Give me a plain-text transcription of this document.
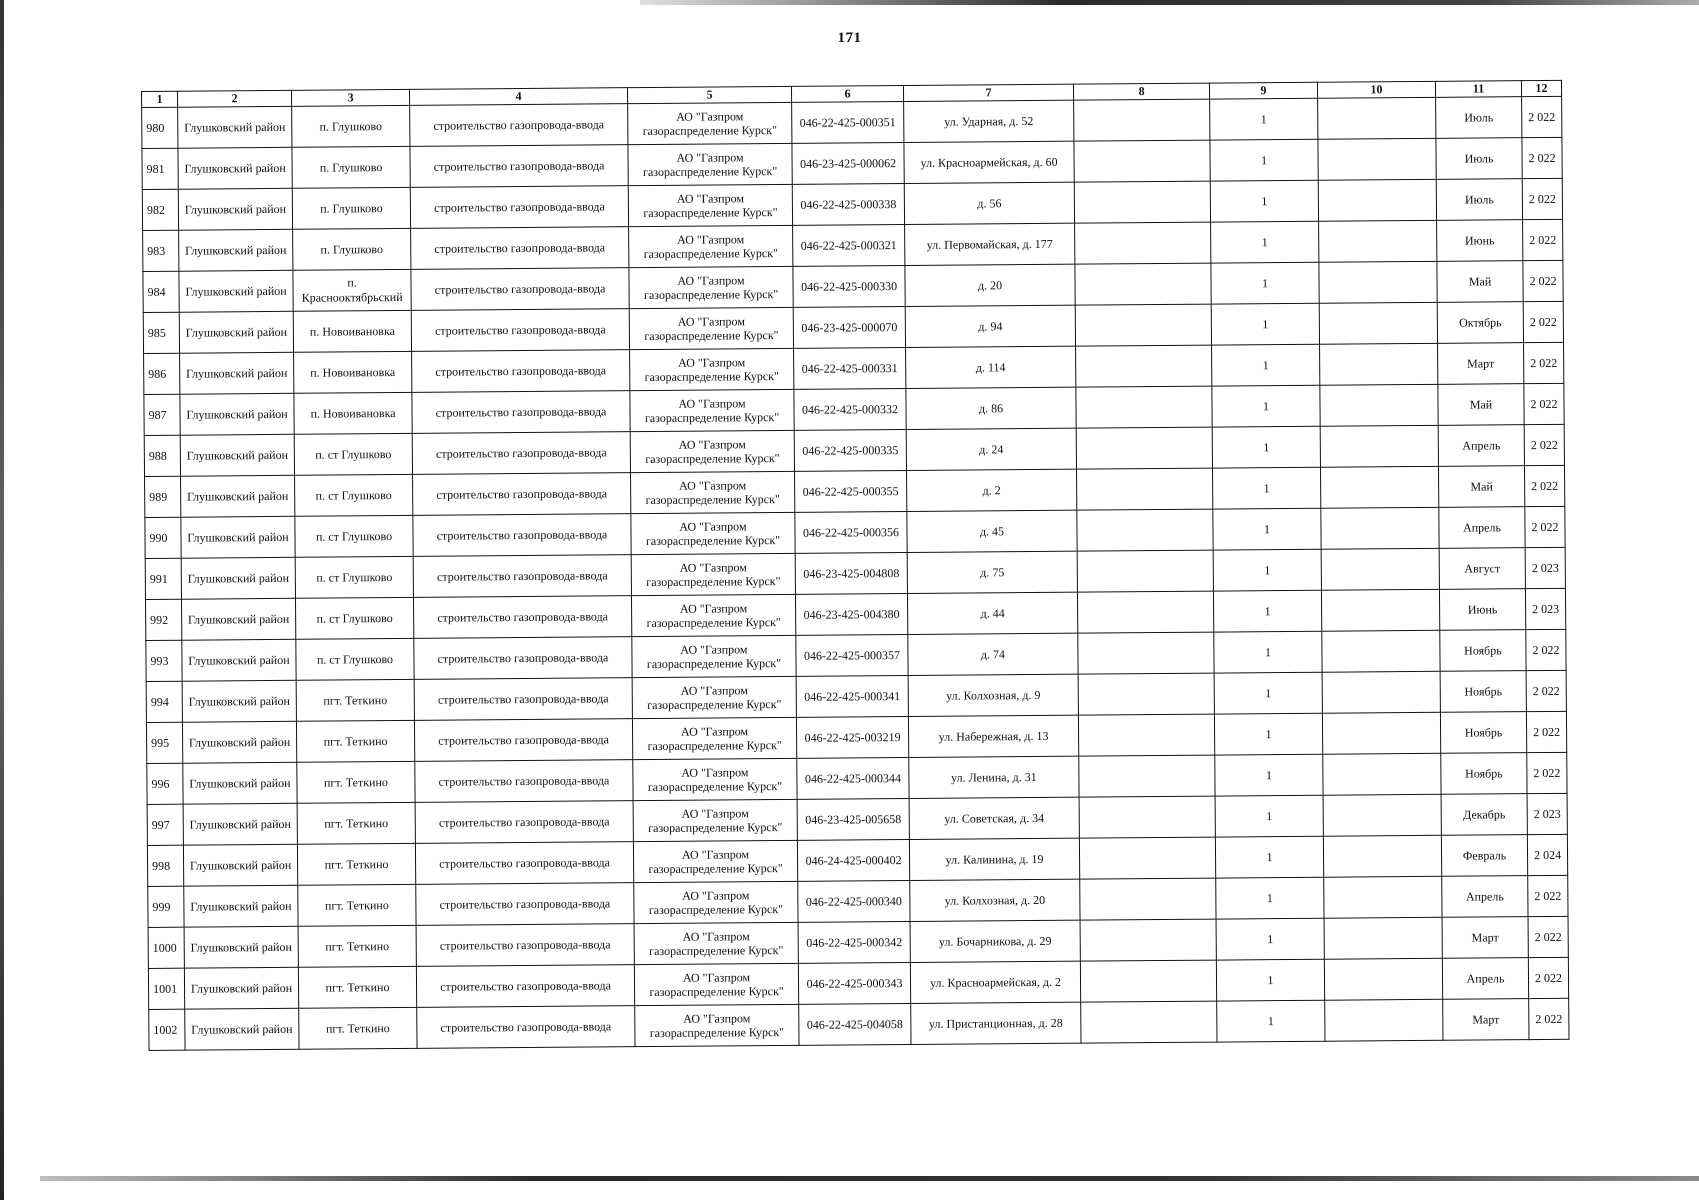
171
1	2	3	4	5	6	7	8	9	10	11	12
980	Глушковский район	п. Глушково	строительство газопровода-ввода	АО "Газпром газораспределение Курск"	046-22-425-000351	ул. Ударная, д. 52		1		Июль	2 022
981	Глушковский район	п. Глушково	строительство газопровода-ввода	АО "Газпром газораспределение Курск"	046-23-425-000062	ул. Красноармейская, д. 60		1		Июль	2 022
982	Глушковский район	п. Глушково	строительство газопровода-ввода	АО "Газпром газораспределение Курск"	046-22-425-000338	д. 56		1		Июль	2 022
983	Глушковский район	п. Глушково	строительство газопровода-ввода	АО "Газпром газораспределение Курск"	046-22-425-000321	ул. Первомайская, д. 177		1		Июнь	2 022
984	Глушковский район	п. Краснооктябрьский	строительство газопровода-ввода	АО "Газпром газораспределение Курск"	046-22-425-000330	д. 20		1		Май	2 022
985	Глушковский район	п. Новоивановка	строительство газопровода-ввода	АО "Газпром газораспределение Курск"	046-23-425-000070	д. 94		1		Октябрь	2 022
986	Глушковский район	п. Новоивановка	строительство газопровода-ввода	АО "Газпром газораспределение Курск"	046-22-425-000331	д. 114		1		Март	2 022
987	Глушковский район	п. Новоивановка	строительство газопровода-ввода	АО "Газпром газораспределение Курск"	046-22-425-000332	д. 86		1		Май	2 022
988	Глушковский район	п. ст Глушково	строительство газопровода-ввода	АО "Газпром газораспределение Курск"	046-22-425-000335	д. 24		1		Апрель	2 022
989	Глушковский район	п. ст Глушково	строительство газопровода-ввода	АО "Газпром газораспределение Курск"	046-22-425-000355	д. 2		1		Май	2 022
990	Глушковский район	п. ст Глушково	строительство газопровода-ввода	АО "Газпром газораспределение Курск"	046-22-425-000356	д. 45		1		Апрель	2 022
991	Глушковский район	п. ст Глушково	строительство газопровода-ввода	АО "Газпром газораспределение Курск"	046-23-425-004808	д. 75		1		Август	2 023
992	Глушковский район	п. ст Глушково	строительство газопровода-ввода	АО "Газпром газораспределение Курск"	046-23-425-004380	д. 44		1		Июнь	2 023
993	Глушковский район	п. ст Глушково	строительство газопровода-ввода	АО "Газпром газораспределение Курск"	046-22-425-000357	д. 74		1		Ноябрь	2 022
994	Глушковский район	пгт. Теткино	строительство газопровода-ввода	АО "Газпром газораспределение Курск"	046-22-425-000341	ул. Колхозная, д. 9		1		Ноябрь	2 022
995	Глушковский район	пгт. Теткино	строительство газопровода-ввода	АО "Газпром газораспределение Курск"	046-22-425-003219	ул. Набережная, д. 13		1		Ноябрь	2 022
996	Глушковский район	пгт. Теткино	строительство газопровода-ввода	АО "Газпром газораспределение Курск"	046-22-425-000344	ул. Ленина, д. 31		1		Ноябрь	2 022
997	Глушковский район	пгт. Теткино	строительство газопровода-ввода	АО "Газпром газораспределение Курск"	046-23-425-005658	ул. Советская, д. 34		1		Декабрь	2 023
998	Глушковский район	пгт. Теткино	строительство газопровода-ввода	АО "Газпром газораспределение Курск"	046-24-425-000402	ул. Калинина, д. 19		1		Февраль	2 024
999	Глушковский район	пгт. Теткино	строительство газопровода-ввода	АО "Газпром газораспределение Курск"	046-22-425-000340	ул. Колхозная, д. 20		1		Апрель	2 022
1000	Глушковский район	пгт. Теткино	строительство газопровода-ввода	АО "Газпром газораспределение Курск"	046-22-425-000342	ул. Бочарникова, д. 29		1		Март	2 022
1001	Глушковский район	пгт. Теткино	строительство газопровода-ввода	АО "Газпром газораспределение Курск"	046-22-425-000343	ул. Красноармейская, д. 2		1		Апрель	2 022
1002	Глушковский район	пгт. Теткино	строительство газопровода-ввода	АО "Газпром газораспределение Курск"	046-22-425-004058	ул. Пристанционная, д. 28		1		Март	2 022
